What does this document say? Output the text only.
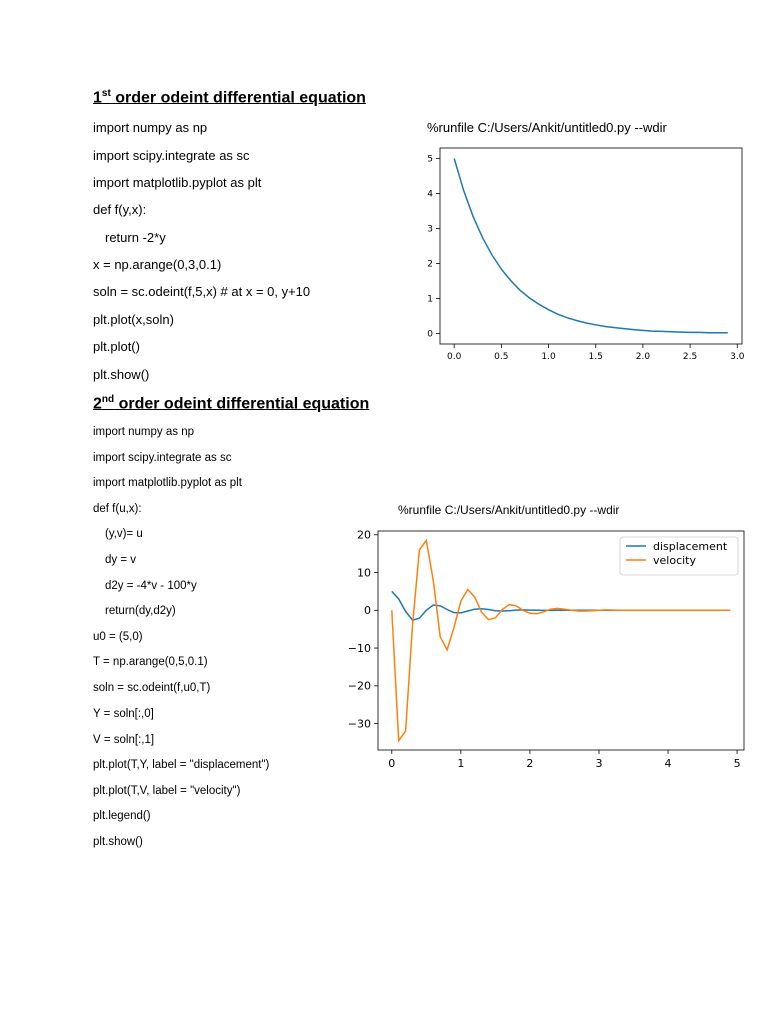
1st order odeint differential equation
import numpy as np
import scipy.integrate as sc
import matplotlib.pyplot as plt
def f(y,x):
return -2*y
x = np.arange(0,3,0.1)
soln = sc.odeint(f,5,x) # at x = 0, y+10
plt.plot(x,soln)
plt.plot()
plt.show()
%runfile C:/Users/Ankit/untitled0.py --wdir
2nd order odeint differential equation
import numpy as np
import scipy.integrate as sc
import matplotlib.pyplot as plt
def f(u,x):
(y,v)= u
dy = v
d2y = -4*v - 100*y
return(dy,d2y)
u0 = (5,0)
T = np.arange(0,5,0.1)
soln = sc.odeint(f,u0,T)
Y = soln[:,0]
V = soln[:,1]
plt.plot(T,Y, label = "displacement")
plt.plot(T,V, label = "velocity")
plt.legend()
plt.show()
%runfile C:/Users/Ankit/untitled0.py --wdir
0.0	0.5	1.0	1.5	2.0	2.5	3.0
0
1
2
3
4
5
0	1	2	3	4	5
20
10
0
−10
−20
−30
displacement
velocity
